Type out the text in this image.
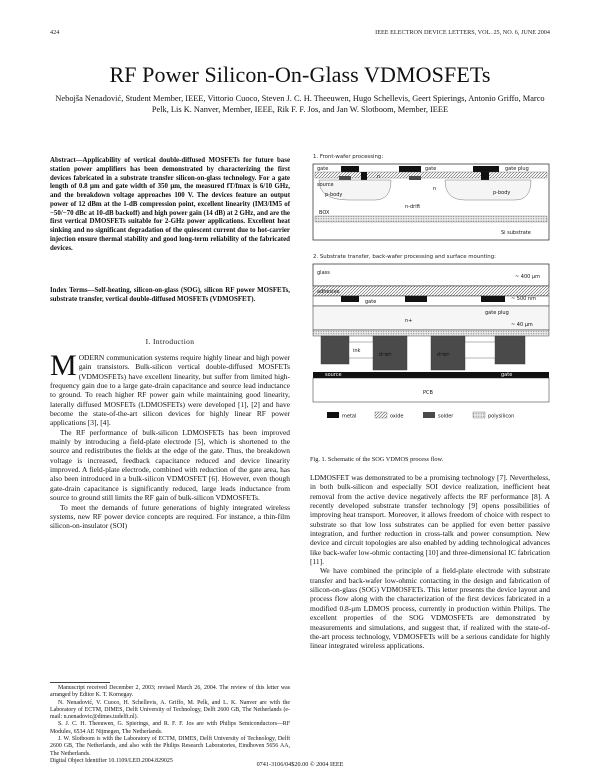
424	IEEE ELECTRON DEVICE LETTERS, VOL. 25, NO. 6, JUNE 2004
RF Power Silicon-On-Glass VDMOSFETs
Nebojša Nenadović, Student Member, IEEE, Vittorio Cuoco, Steven J. C. H. Theeuwen, Hugo Schellevis, Geert Spierings, Antonio Griffo, Marco Pelk, Lis K. Nanver, Member, IEEE, Rik F. F. Jos, and Jan W. Slotboom, Member, IEEE
Abstract—Applicability of vertical double-diffused MOSFETs for future base station power amplifiers has been demonstrated by characterizing the first devices fabricated in a substrate transfer silicon-on-glass technology. For a gate length of 0.8 μm and gate width of 350 μm, the measured fT/fmax is 6/10 GHz, and the breakdown voltage approaches 100 V. The devices feature an output power of 12 dBm at the 1-dB compression point, excellent linearity (IM3/IM5 of −50/−70 dBc at 10-dB backoff) and high power gain (14 dB) at 2 GHz, and are the first vertical DMOSFETs suitable for 2-GHz power applications. Excellent heat sinking and no significant degradation of the quiescent current due to hot-carrier injection ensure thermal stability and good long-term reliability of the fabricated devices.
Index Terms—Self-heating, silicon-on-glass (SOG), silicon RF power MOSFETs, substrate transfer, vertical double-diffused MOSFETs (VDMOSFET).
I. Introduction
M ODERN communication systems require highly linear and high power gain transistors. Bulk-silicon vertical double-diffused MOSFETs (VDMOSFETs) have excellent linearity, but suffer from limited high-frequency gain due to a large gate-drain capacitance and source lead inductance to ground. To reach higher RF power gain while maintaining good linearity, laterally diffused MOSFETs (LDMOSFETs) were developed [1], [2] and have become the state-of-the-art silicon devices for highly linear RF power applications [3], [4].

The RF performance of bulk-silicon LDMOSFETs has been improved mainly by introducing a field-plate electrode [5], which is shortened to the source and redistributes the fields at the edge of the gate. Thus, the breakdown voltage is increased, feedback capacitance reduced and device linearity improved. A field-plate electrode, combined with reduction of the gate area, has also been introduced in a bulk-silicon VDMOSFET [6]. However, even though gate-drain capacitance is significantly reduced, large leads inductance from source to ground still limits the RF gain of bulk-silicon VDMOSFETs.

To meet the demands of future generations of highly integrated wireless systems, new RF power device concepts are required. For instance, a thin-film silicon-on-insulator (SOI)

Manuscript received December 2, 2003; revised March 26, 2004. The review of this letter was arranged by Editor K. T. Kornegay.

N. Nenadović, V. Cuoco, H. Schellevis, A. Griffo, M. Pelk, and L. K. Nanver are with the Laboratory of ECTM, DIMES, Delft University of Technology, Delft 2600 GB, The Netherlands (e-mail: n.nenadovic@dimes.tudelft.nl).

S. J. C. H. Theeuwen, G. Spierings, and R. F. F. Jos are with Philips Semiconductors—RF Modules, 6534 AE Nijmegen, The Netherlands.

J. W. Slotboom is with the Laboratory of ECTM, DIMES, Delft University of Technology, Delft 2600 GB, The Netherlands, and also with the Philips Research Laboratories, Eindhoven 5656 AA, The Netherlands.

Digital Object Identifier 10.1109/LED.2004.829025

1. Front-wafer processing:
gate	gate
n
gate plug
source
p-body
n
p-body
n-drift
BOX
Si substrate
2. Substrate transfer, back-wafer processing and surface mounting:
glass
adhesive
~ 400 μm
gate
gate plug
~ 500 nm
~ 40 μm
drain	drain
ink
n+
source	gate
PCB
metal	oxide	solder	polysilicon
Fig. 1. Schematic of the SOG VDMOS process flow.

LDMOSFET was demonstrated to be a promising technology [7]. Nevertheless, in both bulk-silicon and especially SOI device realization, inefficient heat removal from the active device negatively affects the RF performance [8]. A recently developed substrate transfer technology [9] opens possibilities of improving heat transport. Moreover, it allows freedom of choice with respect to substrate so that low loss substrates can be applied for even better passive integration, and further reduction in cross-talk and power consumption. New device and circuit topologies are also enabled by adding technological advances like back-wafer low-ohmic contacting [10] and three-dimensional IC fabrication [11].

We have combined the principle of a field-plate electrode with substrate transfer and back-wafer low-ohmic contacting in the design and fabrication of silicon-on-glass (SOG) VDMOSFETs. This letter presents the device layout and process flow along with the characterization of the first devices fabricated in a modified 0.8-μm LDMOS process, currently in production within Philips. The excellent properties of the SOG VDMOSFETs are demonstrated by measurements and simulations, and suggest that, if realized with the state-of-the-art process technology, VDMOSFETs will be a serious candidate for highly linear integrated wireless applications.

0741-3106/04$20.00 © 2004 IEEE
